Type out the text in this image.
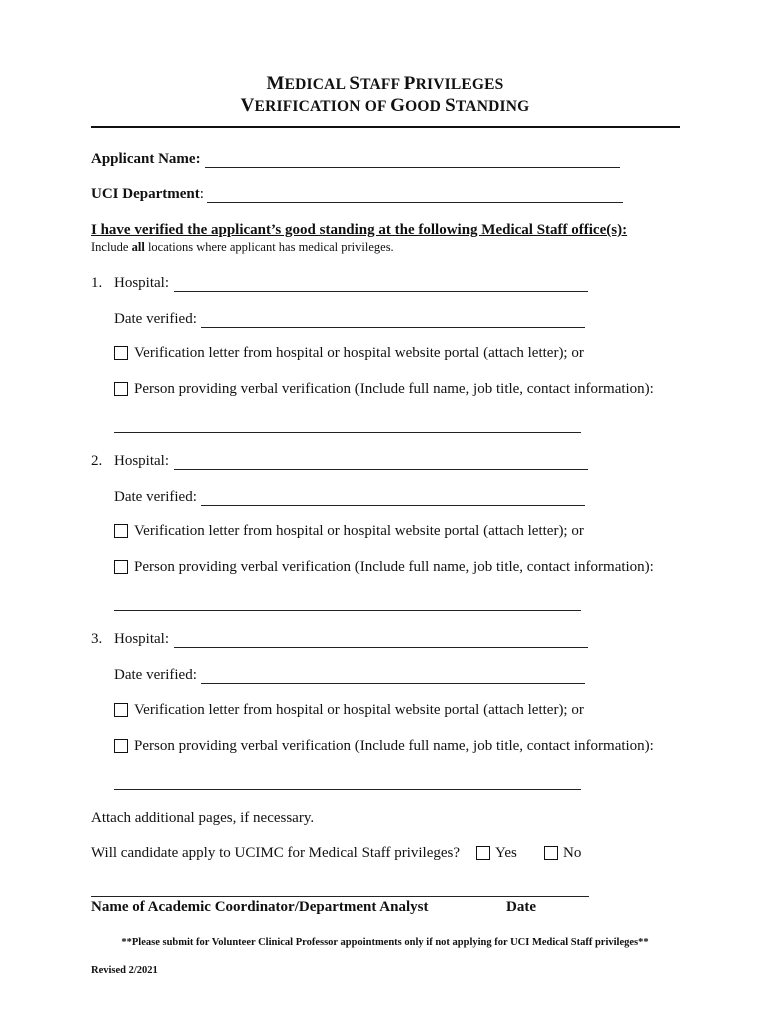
MEDICAL STAFF PRIVILEGES
VERIFICATION OF GOOD STANDING
Applicant Name:
UCI Department:
I have verified the applicant’s good standing at the following Medical Staff office(s):
Include all locations where applicant has medical privileges.
1. Hospital:
Date verified:
Verification letter from hospital or hospital website portal (attach letter); or
Person providing verbal verification (Include full name, job title, contact information):
2. Hospital:
Date verified:
Verification letter from hospital or hospital website portal (attach letter); or
Person providing verbal verification (Include full name, job title, contact information):
3. Hospital:
Date verified:
Verification letter from hospital or hospital website portal (attach letter); or
Person providing verbal verification (Include full name, job title, contact information):
Attach additional pages, if necessary.
Will candidate apply to UCIMC for Medical Staff privileges? Yes	No
Name of Academic Coordinator/Department Analyst	Date
**Please submit for Volunteer Clinical Professor appointments only if not applying for UCI Medical Staff privileges**
Revised 2/2021
